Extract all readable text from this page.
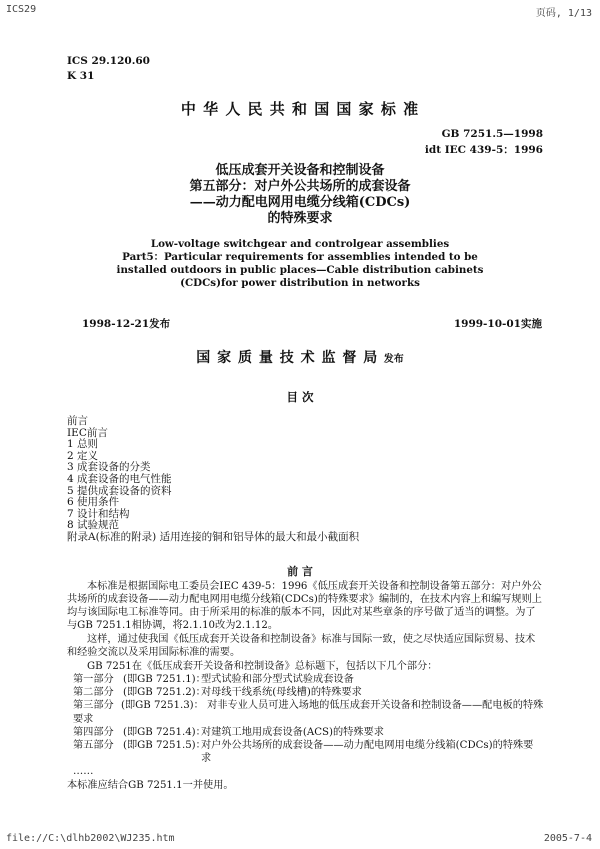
ICS29	页码, 1/13
ICS 29.120.60
K 31
中 华 人 民 共 和 国 国 家 标 准
GB 7251.5—1998
idt IEC 439-5：1996
低压成套开关设备和控制设备
第五部分：对户外公共场所的成套设备
——动力配电网用电缆分线箱(CDCs)
的特殊要求
Low-voltage switchgear and controlgear assemblies
Part5：Particular requirements for assemblies intended to be
installed outdoors in public places—Cable distribution cabinets
(CDCs)for power distribution in networks
1998-12-21发布	1999-10-01实施
国 家 质 量 技 术 监 督 局 发布
目 次
前言
IEC前言
1 总则
2 定义
3 成套设备的分类
4 成套设备的电气性能
5 提供成套设备的资料
6 使用条件
7 设计和结构
8 试验规范
附录A(标准的附录) 适用连接的铜和铝导体的最大和最小截面积
前 言
本标准是根据国际电工委员会IEC 439-5：1996《低压成套开关设备和控制设备第五部分：对户外公共场所的成套设备——动力配电网用电缆分线箱(CDCs)的特殊要求》编制的，在技术内容上和编写规则上均与该国际电工标准等同。由于所采用的标准的版本不同，因此对某些章条的序号做了适当的调整。为了与GB 7251.1相协调，将2.1.10改为2.1.12。
这样，通过使我国《低压成套开关设备和控制设备》标准与国际一致，使之尽快适应国际贸易、技术和经验交流以及采用国际标准的需要。
GB 7251在《低压成套开关设备和控制设备》总标题下，包括以下几个部分：
第一部分 (即GB 7251.1)：
型式试验和部分型式试验成套设备
第二部分 (即GB 7251.2)：
对母线干线系统(母线槽)的特殊要求
第三部分 (即GB 7251.3)： 对非专业人员可进入场地的低压成套开关设备和控制设备——配电板的特殊要求
第四部分 (即GB 7251.4)：
对建筑工地用成套设备(ACS)的特殊要求
第五部分 (即GB 7251.5)：
对户外公共场所的成套设备——动力配电网用电缆分线箱(CDCs)的特殊要求
……
本标准应结合GB 7251.1一并使用。
file://C:\dlhb2002\WJ235.htm	2005-7-4
